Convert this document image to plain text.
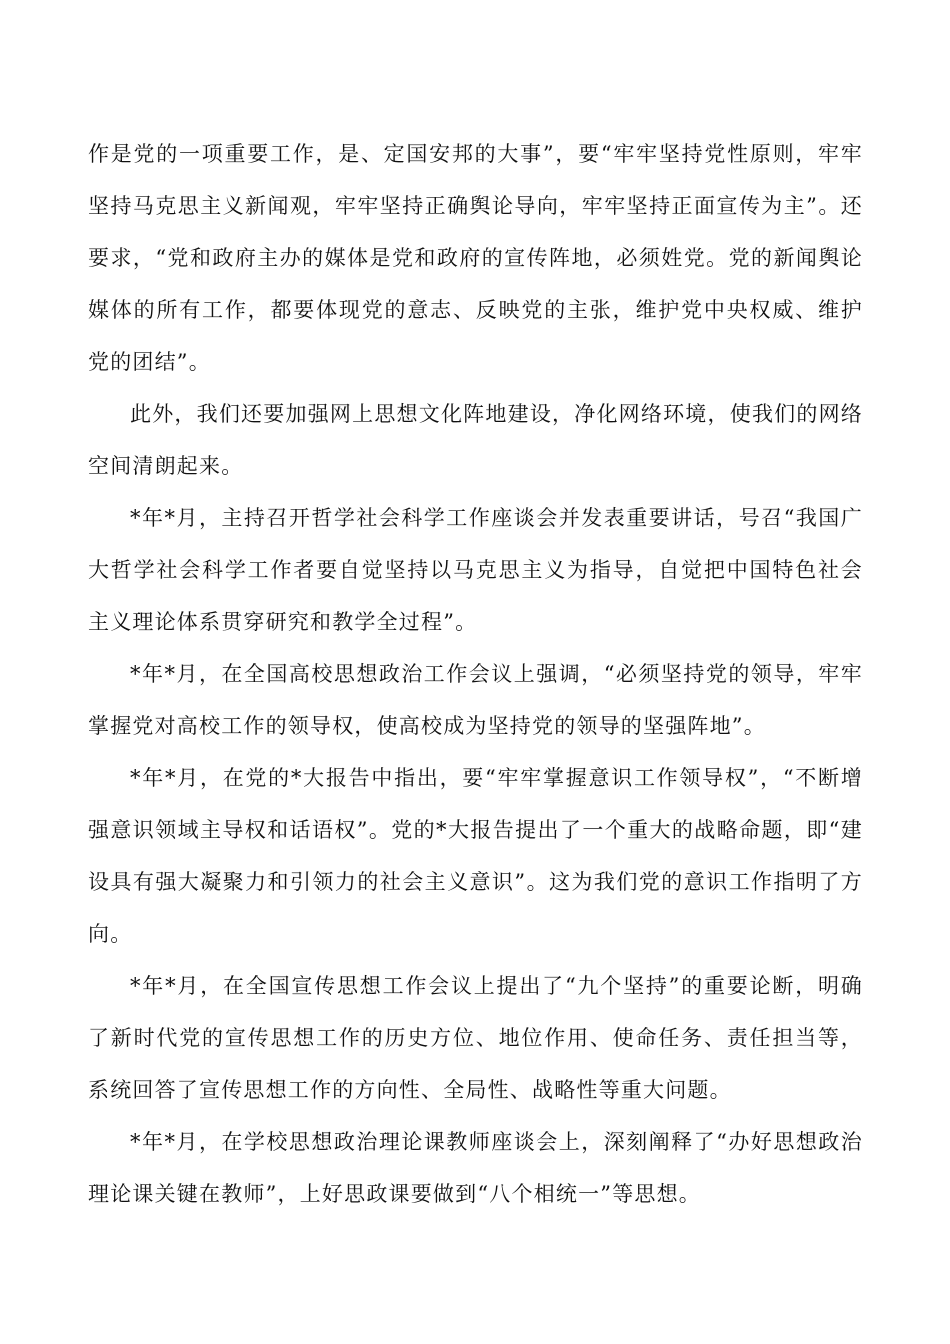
作是党的一项重要工作，是、定国安邦的大事”，要“牢牢坚持党性原则，牢牢坚持马克思主义新闻观，牢牢坚持正确舆论导向，牢牢坚持正面宣传为主”。还要求，“党和政府主办的媒体是党和政府的宣传阵地，必须姓党。党的新闻舆论媒体的所有工作，都要体现党的意志、反映党的主张，维护党中央权威、维护党的团结”。

此外，我们还要加强网上思想文化阵地建设，净化网络环境，使我们的网络空间清朗起来。

*年*月，主持召开哲学社会科学工作座谈会并发表重要讲话，号召“我国广大哲学社会科学工作者要自觉坚持以马克思主义为指导，自觉把中国特色社会主义理论体系贯穿研究和教学全过程”。

*年*月，在全国高校思想政治工作会议上强调，“必须坚持党的领导，牢牢掌握党对高校工作的领导权，使高校成为坚持党的领导的坚强阵地”。

*年*月，在党的*大报告中指出，要“牢牢掌握意识工作领导权”，“不断增强意识领域主导权和话语权”。党的*大报告提出了一个重大的战略命题，即“建设具有强大凝聚力和引领力的社会主义意识”。这为我们党的意识工作指明了方向。

*年*月，在全国宣传思想工作会议上提出了“九个坚持”的重要论断，明确了新时代党的宣传思想工作的历史方位、地位作用、使命任务、责任担当等，系统回答了宣传思想工作的方向性、全局性、战略性等重大问题。

*年*月，在学校思想政治理论课教师座谈会上，深刻阐释了“办好思想政治理论课关键在教师”，上好思政课要做到“八个相统一”等思想。
